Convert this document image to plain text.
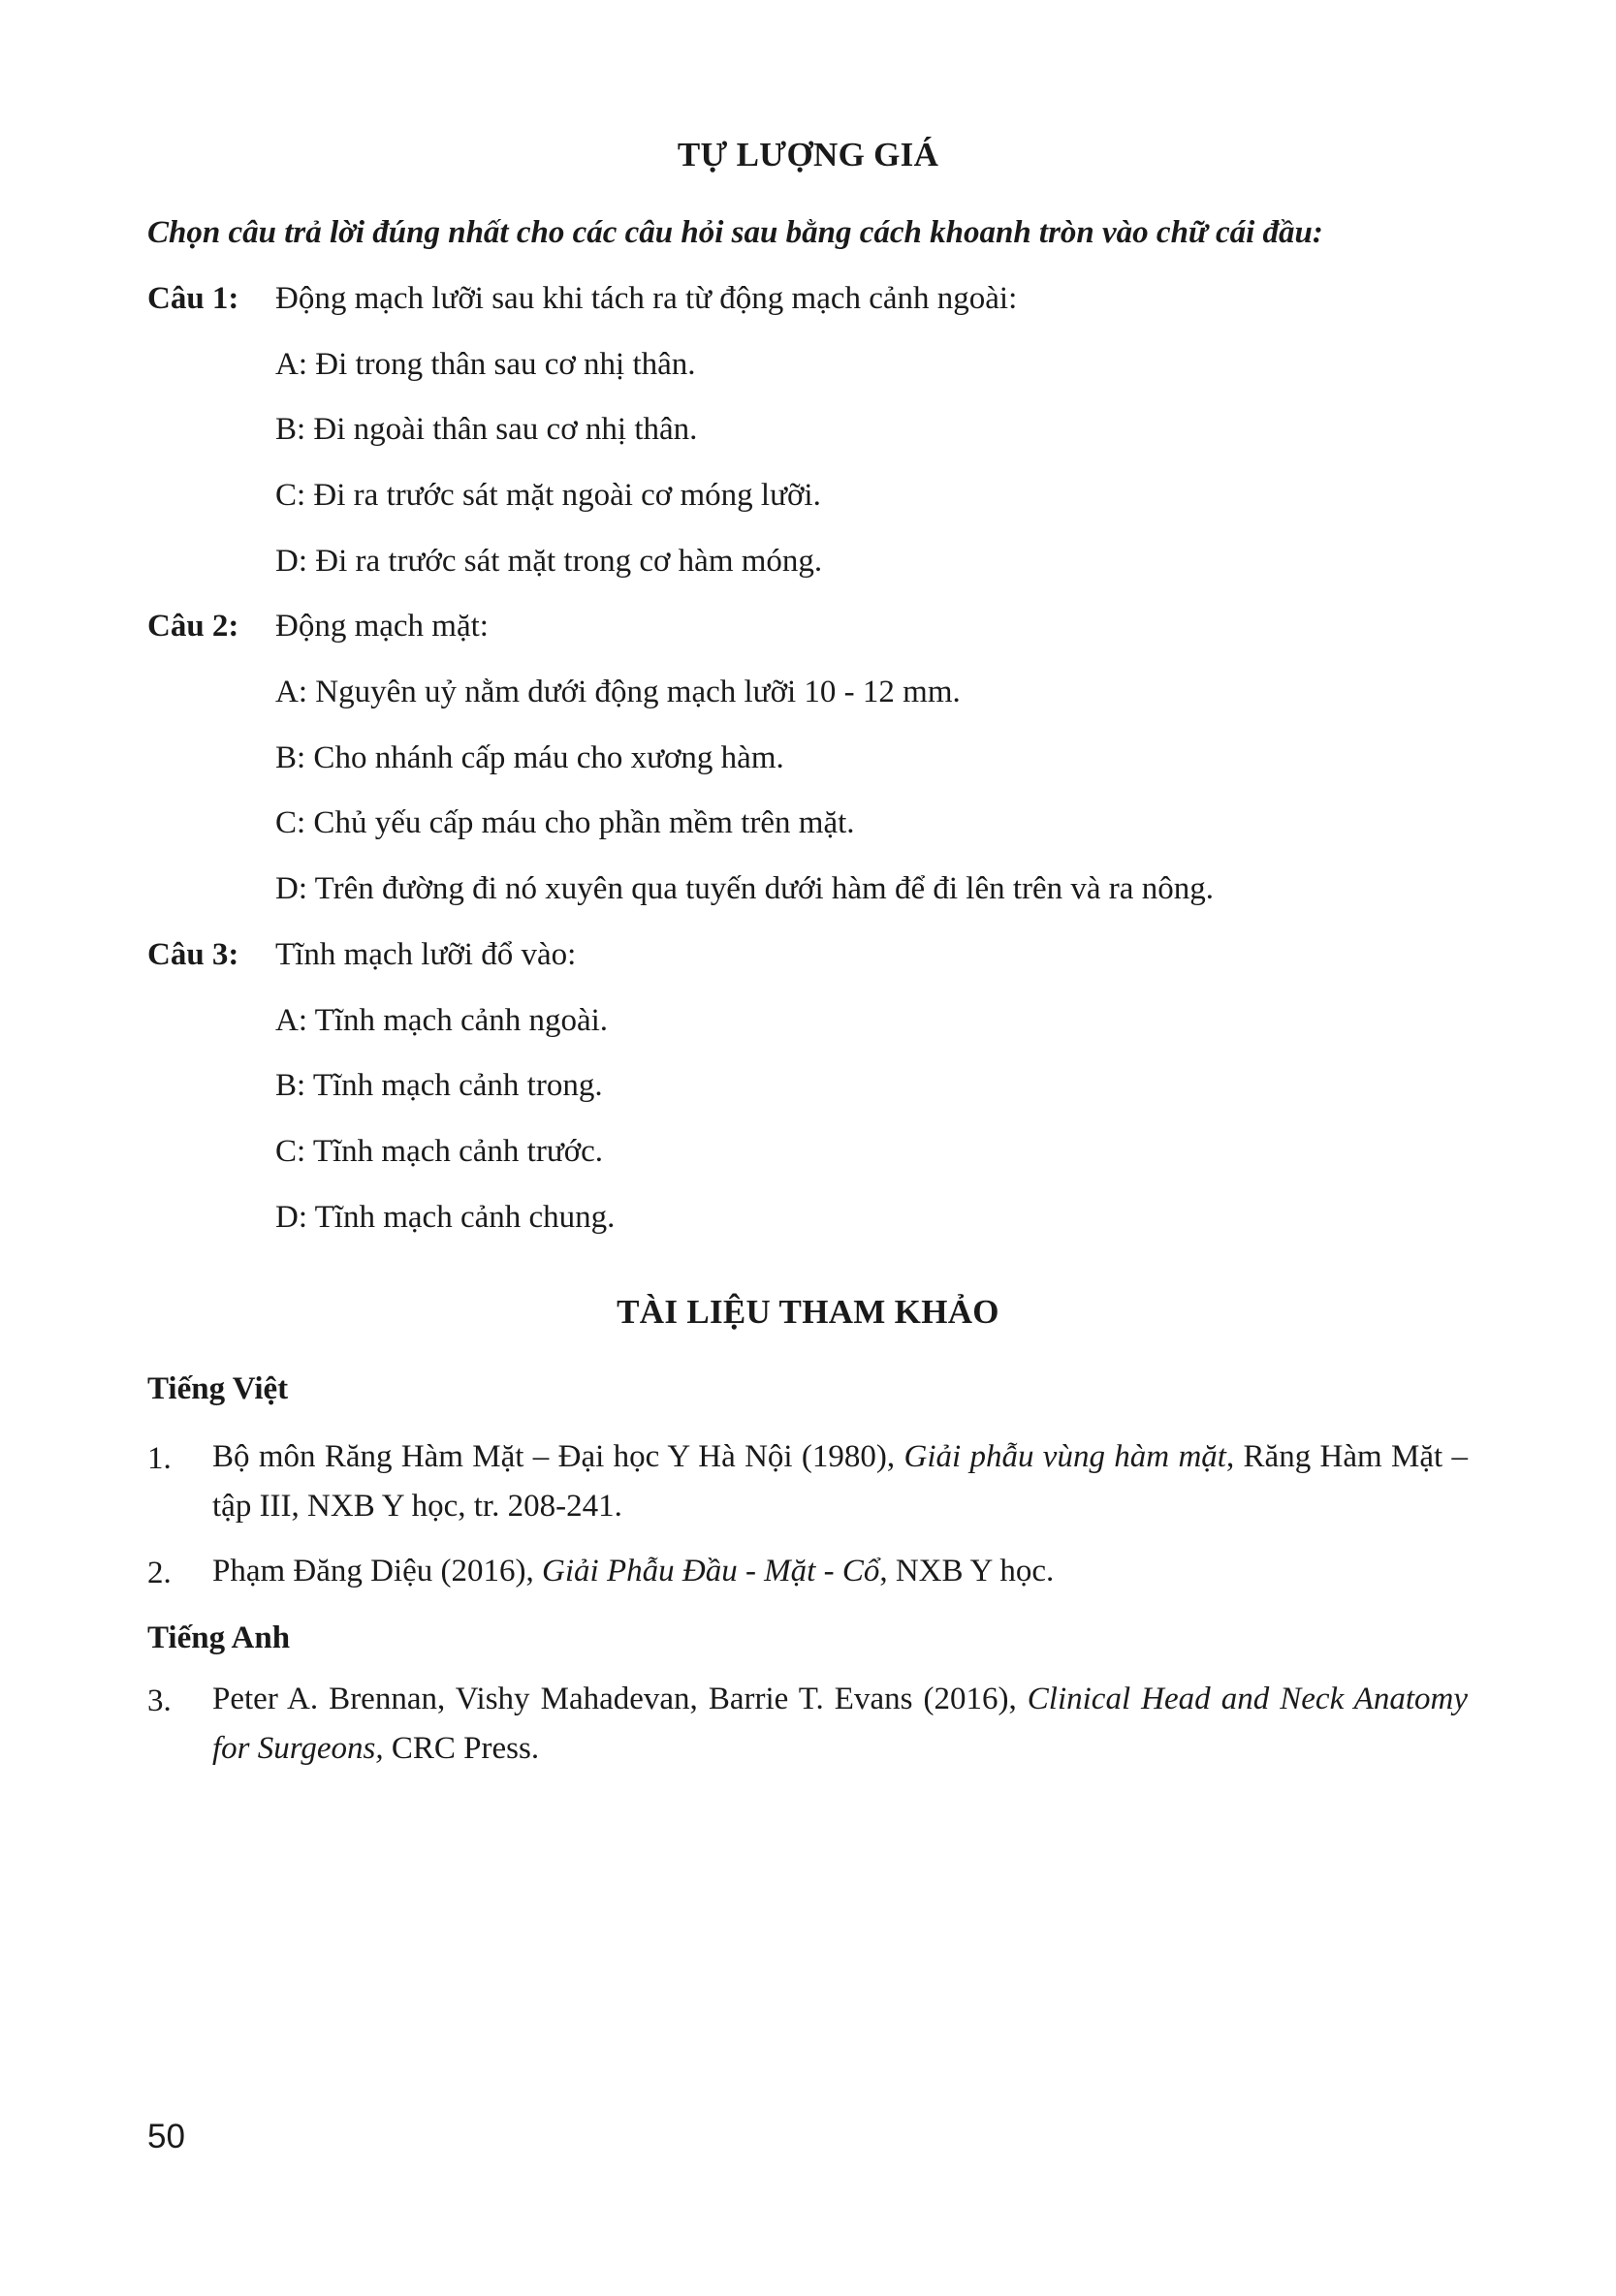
TỰ LƯỢNG GIÁ
Chọn câu trả lời đúng nhất cho các câu hỏi sau bằng cách khoanh tròn vào chữ cái đầu:
Câu 1: Động mạch lưỡi sau khi tách ra từ động mạch cảnh ngoài:
A: Đi trong thân sau cơ nhị thân.
B: Đi ngoài thân sau cơ nhị thân.
C: Đi ra trước sát mặt ngoài cơ móng lưỡi.
D: Đi ra trước sát mặt trong cơ hàm móng.
Câu 2: Động mạch mặt:
A: Nguyên uỷ nằm dưới động mạch lưỡi 10 - 12 mm.
B: Cho nhánh cấp máu cho xương hàm.
C: Chủ yếu cấp máu cho phần mềm trên mặt.
D: Trên đường đi nó xuyên qua tuyến dưới hàm để đi lên trên và ra nông.
Câu 3: Tĩnh mạch lưỡi đổ vào:
A: Tĩnh mạch cảnh ngoài.
B: Tĩnh mạch cảnh trong.
C: Tĩnh mạch cảnh trước.
D: Tĩnh mạch cảnh chung.
TÀI LIỆU THAM KHẢO
Tiếng Việt
1. Bộ môn Răng Hàm Mặt – Đại học Y Hà Nội (1980), Giải phẫu vùng hàm mặt, Răng Hàm Mặt – tập III, NXB Y học, tr. 208-241.
2. Phạm Đăng Diệu (2016), Giải Phẫu Đầu - Mặt - Cổ, NXB Y học.
Tiếng Anh
3. Peter A. Brennan, Vishy Mahadevan, Barrie T. Evans (2016), Clinical Head and Neck Anatomy for Surgeons, CRC Press.
50
